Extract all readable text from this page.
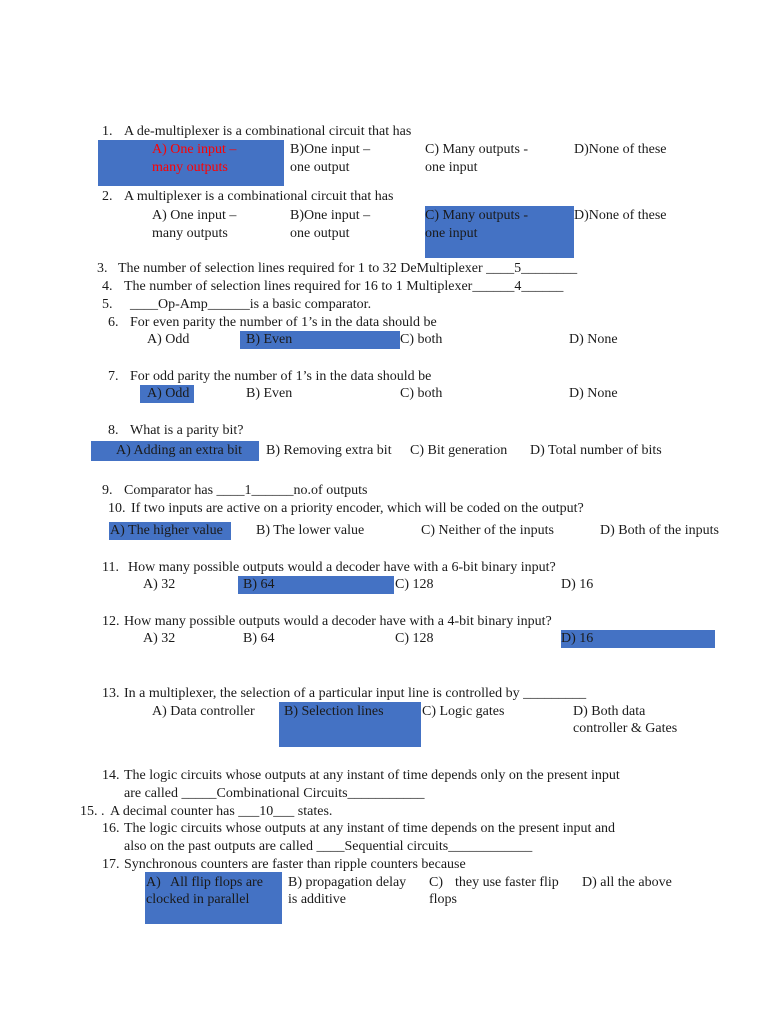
1. A de-multiplexer is a combinational circuit that has
A) One input –
many outputs
B)One input –
one output
C) Many outputs -
one input
D)None of these
2. A multiplexer is a combinational circuit that has
A) One input –
many outputs
B)One input –
one output
C) Many outputs -
one input
D)None of these
3. The number of selection lines required for 1 to 32 DeMultiplexer ____5________
4. The number of selection lines required for 16 to 1 Multiplexer______4______
5. ____Op-Amp______is a basic comparator.
6. For even parity the number of 1’s in the data should be
A) Odd	B) Even	C) both	D) None
7. For odd parity the number of 1’s in the data should be
A) Odd	B) Even	C) both	D) None
8. What is a parity bit?
A) Adding an extra bit B) Removing extra bit C) Bit generation D) Total number of bits
9. Comparator has ____1______no.of outputs
10. If two inputs are active on a priority encoder, which will be coded on the output?
A) The higher value B) The lower value	C) Neither of the inputs	D) Both of the inputs
11. How many possible outputs would a decoder have with a 6-bit binary input?
A) 32	B) 64	C) 128	D) 16
12. How many possible outputs would a decoder have with a 4-bit binary input?
A) 32	B) 64	C) 128	D) 16
13. In a multiplexer, the selection of a particular input line is controlled by _________
A) Data controller B) Selection lines	C) Logic gates	D) Both data
controller & Gates
14. The logic circuits whose outputs at any instant of time depends only on the present input
are called _____Combinational Circuits___________
15. . A decimal counter has ___10___ states.
16. The logic circuits whose outputs at any instant of time depends on the present input and
also on the past outputs are called ____Sequential circuits____________
17. Synchronous counters are faster than ripple counters because
A) All flip flops are
clocked in parallel
B) propagation delay
is additive
C) they use faster flip
flops
D) all the above
